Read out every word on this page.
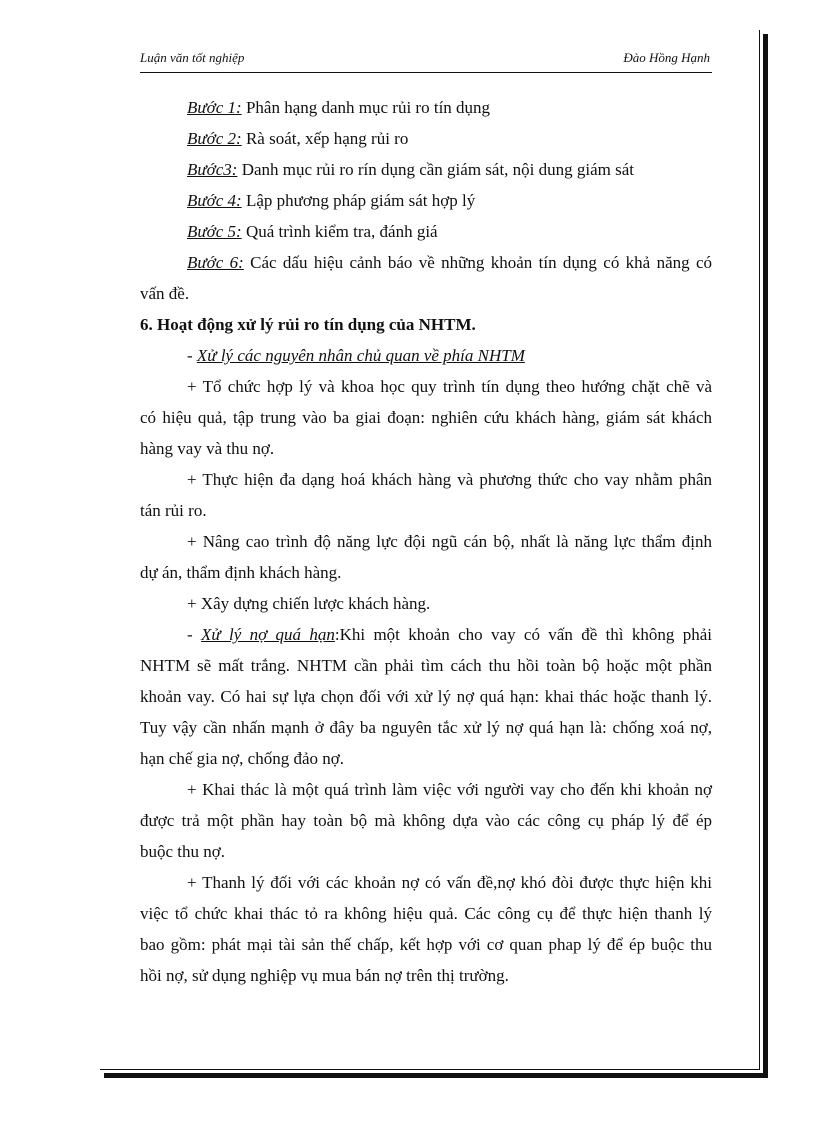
Luận văn tốt nghiệp	Đào Hồng Hạnh
Bước 1: Phân hạng danh mục rủi ro tín dụng
Bước 2: Rà soát, xếp hạng rủi ro
Bước3: Danh mục rủi ro rín dụng cần giám sát, nội dung giám sát
Bước 4: Lập phương pháp giám sát hợp lý
Bước 5: Quá trình kiểm tra, đánh giá
Bước 6: Các dấu hiệu cảnh báo về những khoản tín dụng có khả năng có
vấn đề.
6. Hoạt động xử lý rủi ro tín dụng của NHTM.
- Xử lý các nguyên nhân chủ quan về phía NHTM
+ Tổ chức hợp lý và khoa học quy trình tín dụng theo hướng chặt chẽ và
có hiệu quả, tập trung vào ba giai đoạn: nghiên cứu khách hàng, giám sát khách
hàng vay và thu nợ.
+ Thực hiện đa dạng hoá khách hàng và phương thức cho vay nhằm phân
tán rủi ro.
+ Nâng cao trình độ năng lực đội ngũ cán bộ, nhất là năng lực thẩm định
dự án, thẩm định khách hàng.
+ Xây dựng chiến lược khách hàng.
- Xử lý nợ quá hạn:Khi một khoản cho vay có vấn đề thì không phải
NHTM sẽ mất trắng. NHTM cần phải tìm cách thu hồi toàn bộ hoặc một phần
khoản vay. Có hai sự lựa chọn đối với xử lý nợ quá hạn: khai thác hoặc thanh lý.
Tuy vậy cần nhấn mạnh ở đây ba nguyên tắc xử lý nợ quá hạn là: chống xoá nợ,
hạn chế gia nợ, chống đảo nợ.
+ Khai thác là một quá trình làm việc với người vay cho đến khi khoản nợ
được trả một phần hay toàn bộ mà không dựa vào các công cụ pháp lý để ép
buộc thu nợ.
+ Thanh lý đối với các khoản nợ có vấn đề,nợ khó đòi được thực hiện khi
việc tổ chức khai thác tỏ ra không hiệu quả. Các công cụ để thực hiện thanh lý
bao gồm: phát mại tài sản thế chấp, kết hợp với cơ quan phap lý để ép buộc thu
hồi nợ, sử dụng nghiệp vụ mua bán nợ trên thị trường.
